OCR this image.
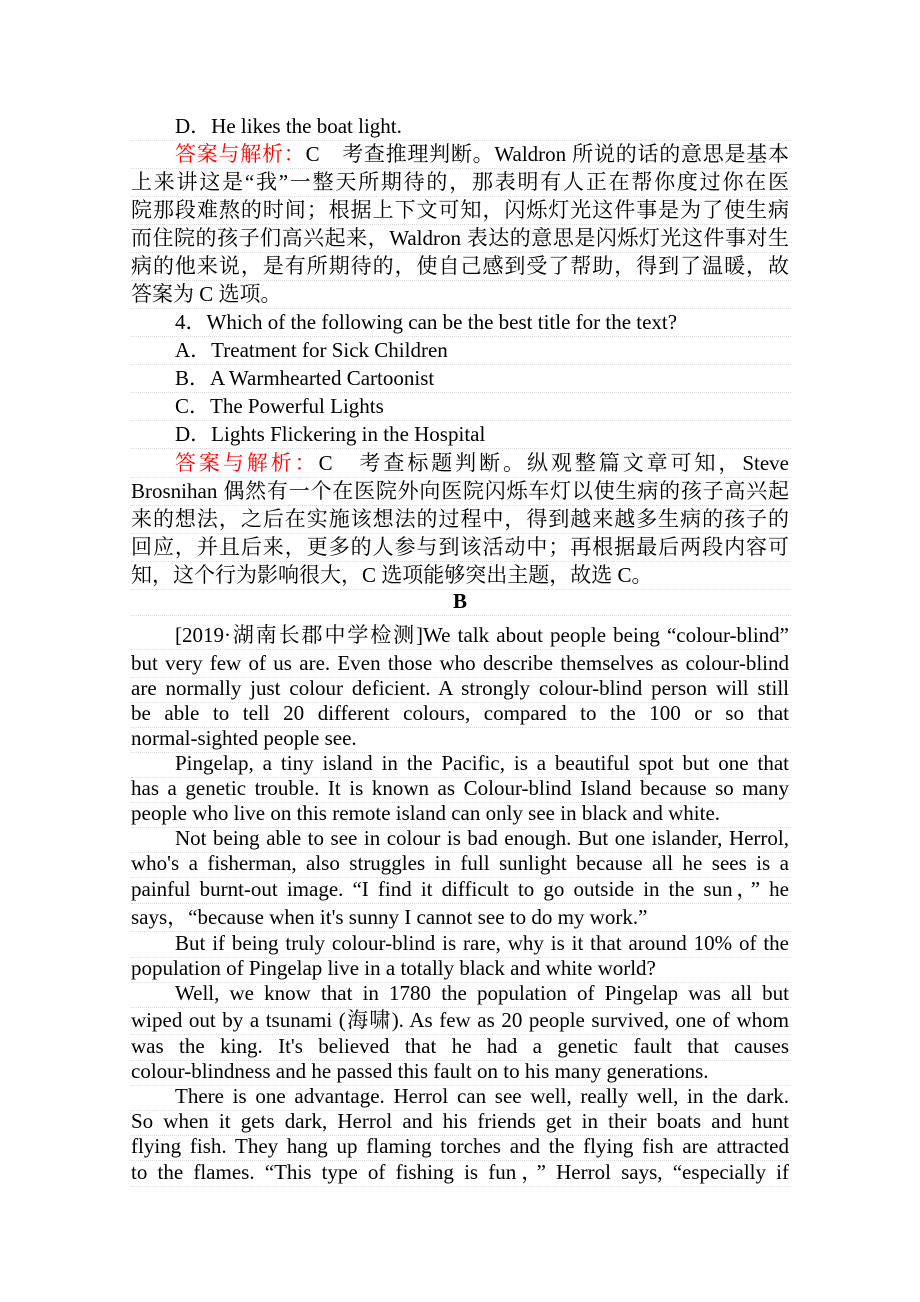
D．He likes the boat light.
答案与解析：C　考查推理判断。Waldron 所说的话的意思是基本
上来讲这是“我”一整天所期待的，那表明有人正在帮你度过你在医
院那段难熬的时间；根据上下文可知，闪烁灯光这件事是为了使生病
而住院的孩子们高兴起来，Waldron 表达的意思是闪烁灯光这件事对生
病的他来说，是有所期待的，使自己感到受了帮助，得到了温暖，故
答案为 C 选项。
4．Which of the following can be the best title for the text?
A．Treatment for Sick Children
B．A Warmhearted Cartoonist
C．The Powerful Lights
D．Lights Flickering in the Hospital
答案与解析：C　考查标题判断。纵观整篇文章可知，Steve
Brosnihan 偶然有一个在医院外向医院闪烁车灯以使生病的孩子高兴起
来的想法，之后在实施该想法的过程中，得到越来越多生病的孩子的
回应，并且后来，更多的人参与到该活动中；再根据最后两段内容可
知，这个行为影响很大，C 选项能够突出主题，故选 C。
B
[2019·湖南长郡中学检测]We talk about people being “colour-blind”
but very few of us are. Even those who describe themselves as colour-blind
are normally just colour deficient. A strongly colour-blind person will still
be able to tell 20 different colours, compared to the 100 or so that
normal-sighted people see.
Pingelap, a tiny island in the Pacific, is a beautiful spot but one that
has a genetic trouble. It is known as Colour-blind Island because so many
people who live on this remote island can only see in black and white.
Not being able to see in colour is bad enough. But one islander, Herrol,
who's a fisherman, also struggles in full sunlight because all he sees is a
painful burnt-out image. “I find it difficult to go outside in the sun，” he
says，“because when it's sunny I cannot see to do my work.”
But if being truly colour-blind is rare, why is it that around 10% of the
population of Pingelap live in a totally black and white world?
Well, we know that in 1780 the population of Pingelap was all but
wiped out by a tsunami (海啸). As few as 20 people survived, one of whom
was the king. It's believed that he had a genetic fault that causes
colour-blindness and he passed this fault on to his many generations.
There is one advantage. Herrol can see well, really well, in the dark.
So when it gets dark, Herrol and his friends get in their boats and hunt
flying fish. They hang up flaming torches and the flying fish are attracted
to the flames. “This type of fishing is fun，” Herrol says, “especially if
